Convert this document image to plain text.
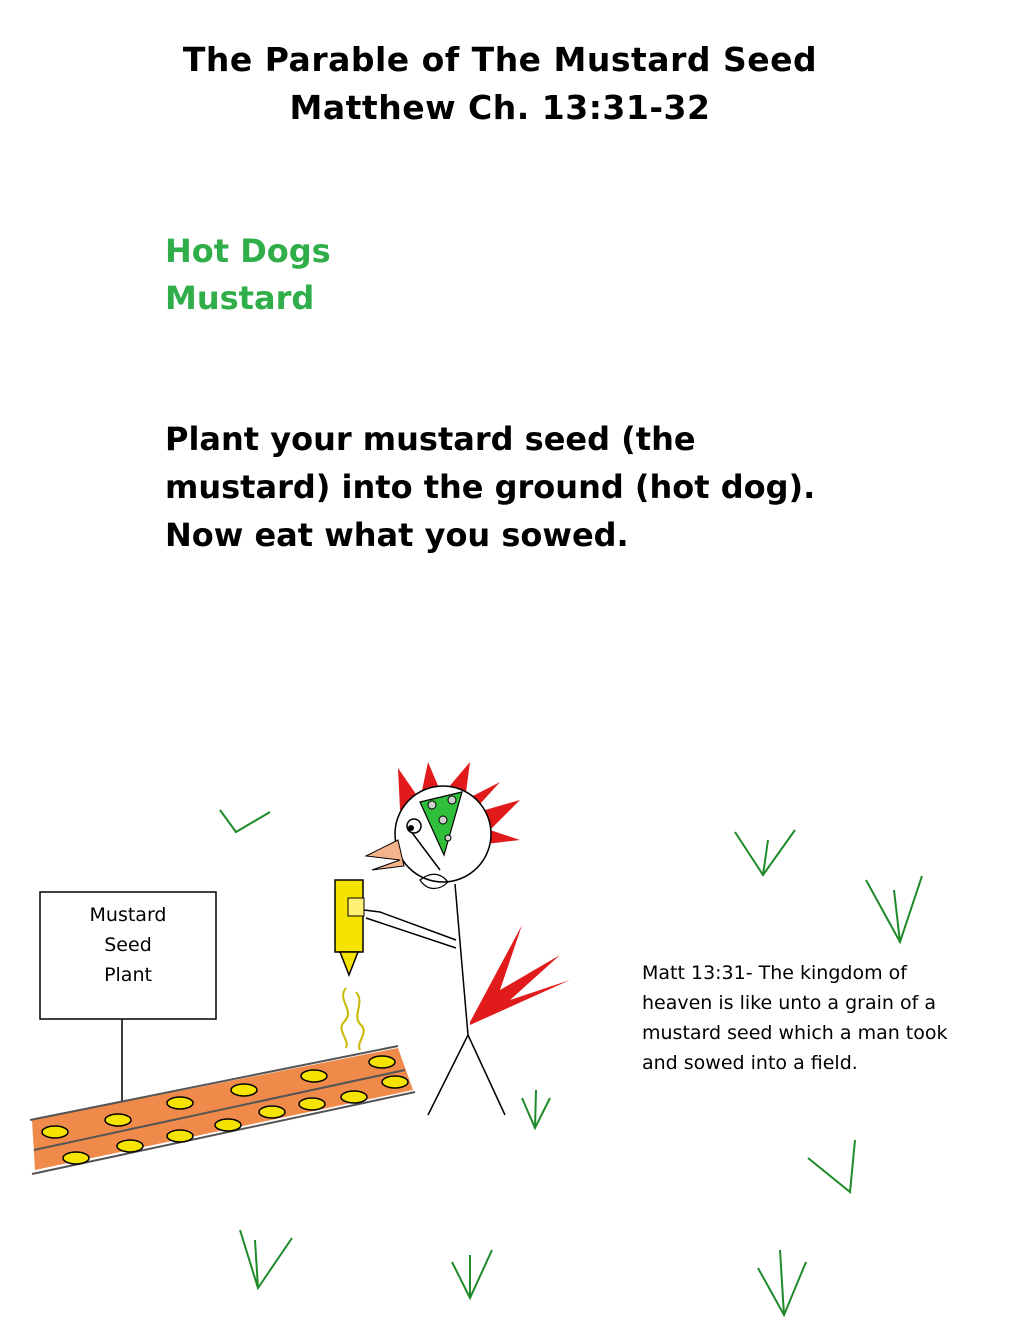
The Parable of The Mustard Seed
Matthew Ch. 13:31-32
Hot Dogs
Mustard
Plant your mustard seed (the mustard) into the ground (hot dog). Now eat what you sowed.
Mustard
Seed
Plant	Matt 13:31- The kingdom of heaven is like unto a grain of a mustard seed which a man took and sowed into a field.
